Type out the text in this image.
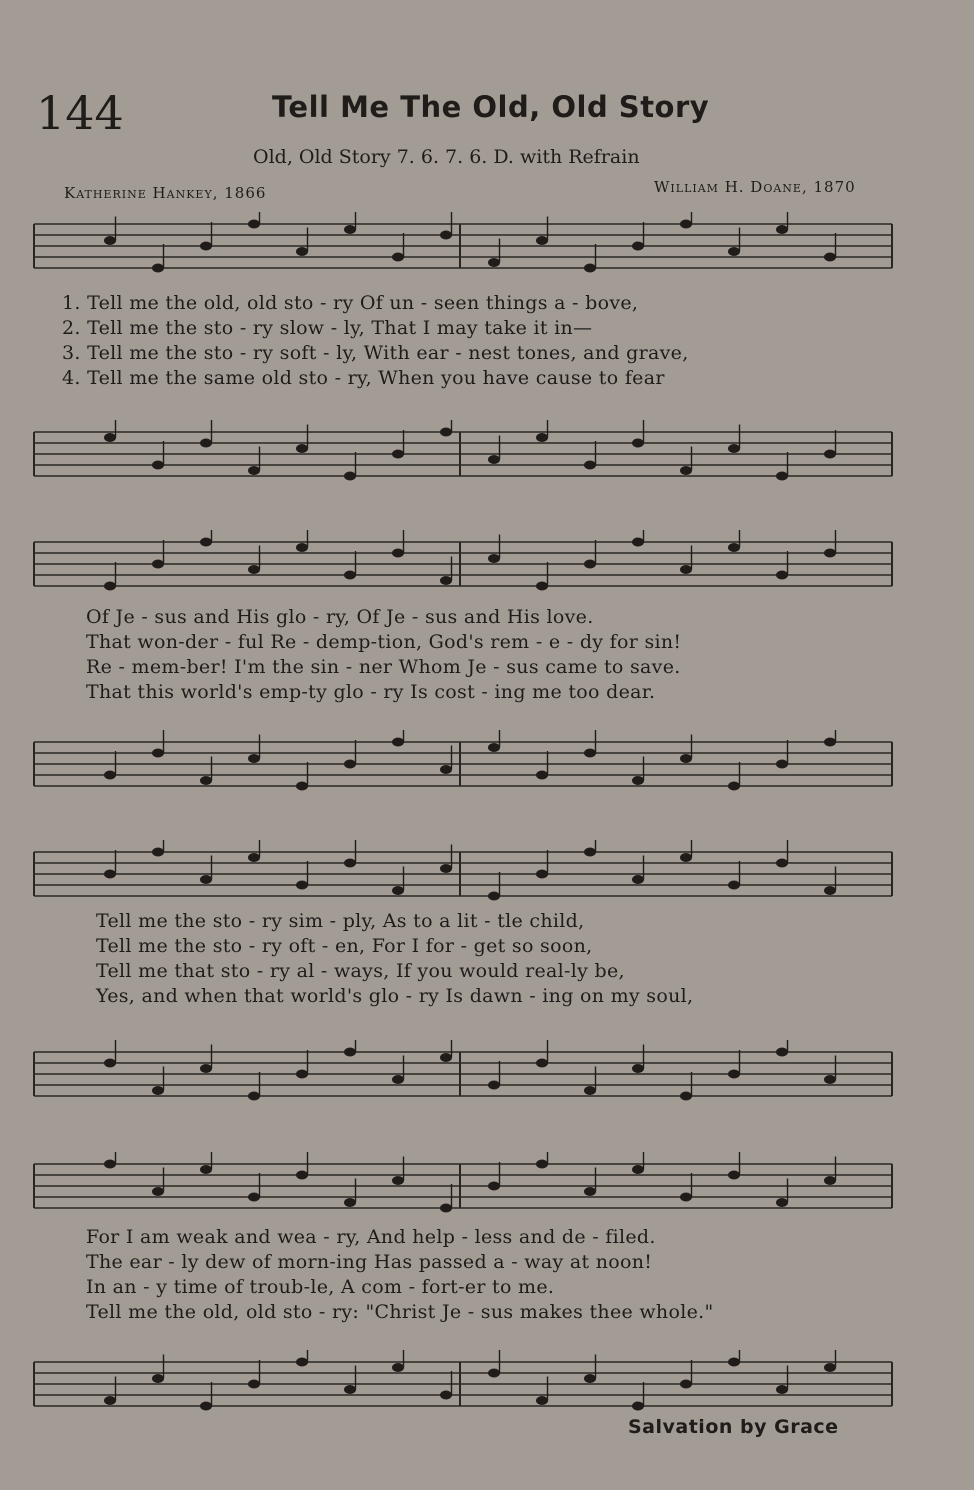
144	Tell Me The Old, Old Story
Old, Old Story 7. 6. 7. 6. D. with Refrain
Katherine Hankey, 1866	William H. Doane, 1870
1. Tell me the old, old sto - ry Of un - seen things a - bove,
2. Tell me the sto - ry slow - ly, That I may take it in—
3. Tell me the sto - ry soft - ly, With ear - nest tones, and grave,
4. Tell me the same old sto - ry, When you have cause to fear
Of Je - sus and His glo - ry, Of Je - sus and His love.
That won-der - ful Re - demp-tion, God's rem - e - dy for sin!
Re - mem-ber! I'm the sin - ner Whom Je - sus came to save.
That this world's emp-ty glo - ry Is cost - ing me too dear.
Tell me the sto - ry sim - ply, As to a lit - tle child,
Tell me the sto - ry oft - en, For I for - get so soon,
Tell me that sto - ry al - ways, If you would real-ly be,
Yes, and when that world's glo - ry Is dawn - ing on my soul,
For I am weak and wea - ry, And help - less and de - filed.
The ear - ly dew of morn-ing Has passed a - way at noon!
In an - y time of troub-le, A com - fort-er to me.
Tell me the old, old sto - ry: "Christ Je - sus makes thee whole."
Salvation by Grace
